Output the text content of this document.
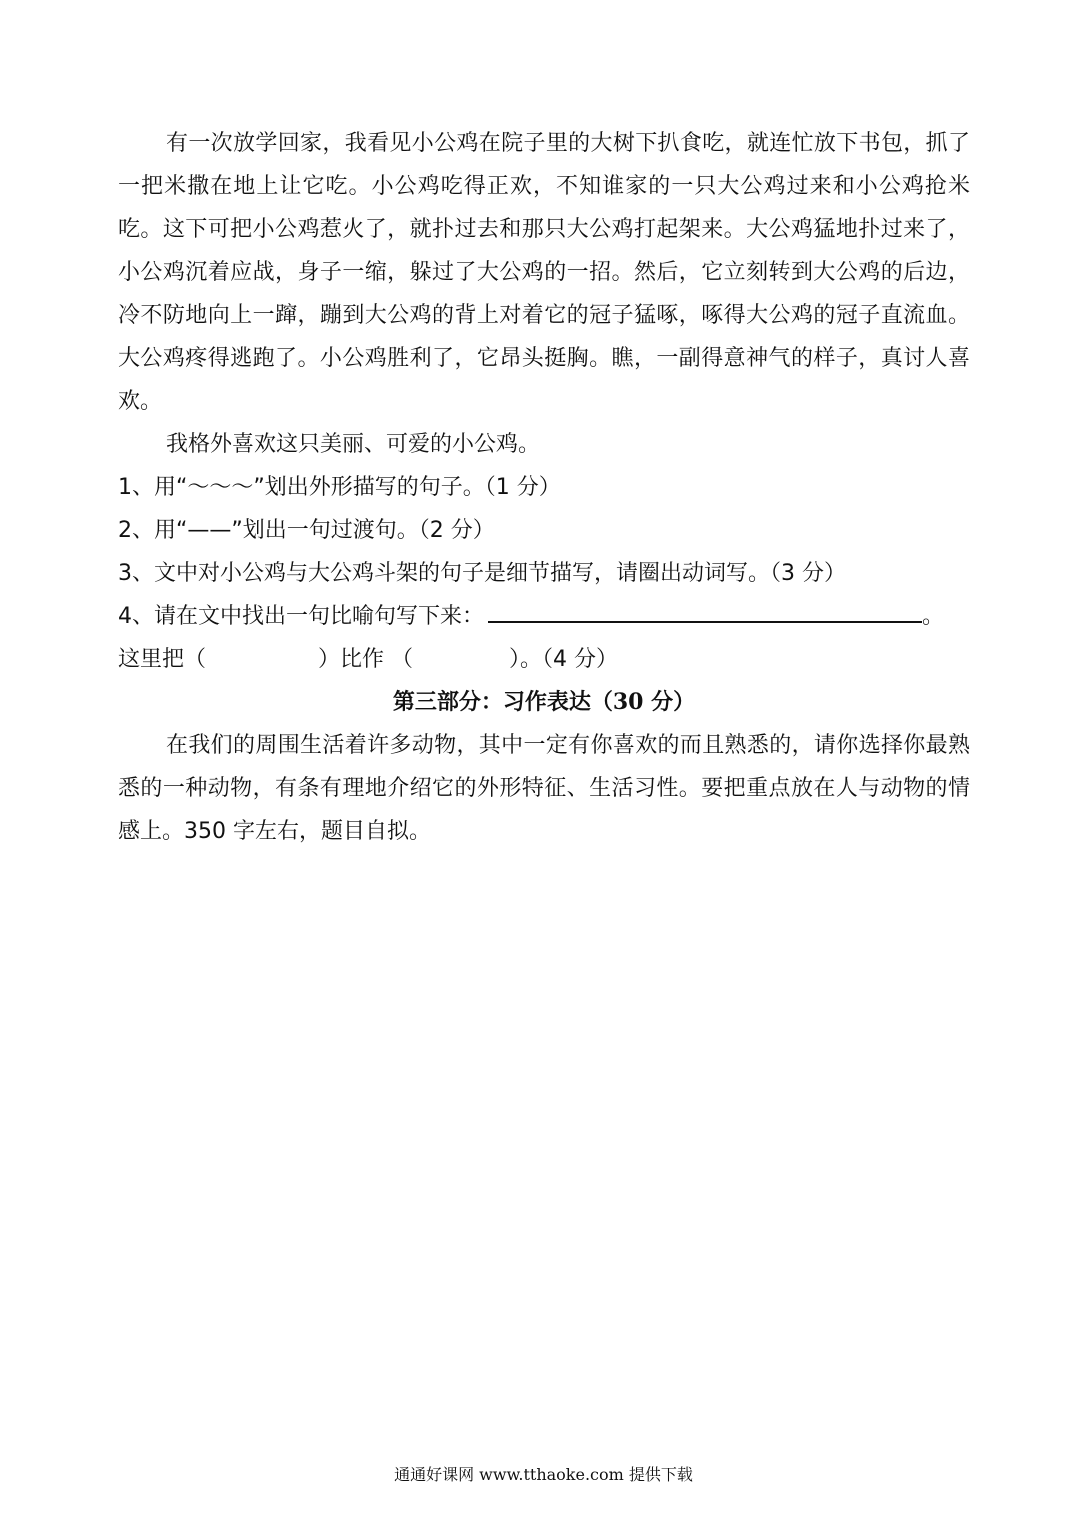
有一次放学回家，我看见小公鸡在院子里的大树下扒食吃，就连忙放下书包，抓了一把米撒在地上让它吃。小公鸡吃得正欢，不知谁家的一只大公鸡过来和小公鸡抢米吃。这下可把小公鸡惹火了，就扑过去和那只大公鸡打起架来。大公鸡猛地扑过来了，小公鸡沉着应战，身子一缩，躲过了大公鸡的一招。然后，它立刻转到大公鸡的后边，冷不防地向上一蹿，蹦到大公鸡的背上对着它的冠子猛啄，啄得大公鸡的冠子直流血。大公鸡疼得逃跑了。小公鸡胜利了，它昂头挺胸。瞧，一副得意神气的样子，真讨人喜欢。

我格外喜欢这只美丽、可爱的小公鸡。

1、用“～～～”划出外形描写的句子。（1 分）

2、用“——”划出一句过渡句。（2 分）

3、文中对小公鸡与大公鸡斗架的句子是细节描写，请圈出动词写。（3 分）

4、请在文中找出一句比喻句写下来：	。

这里把（	）比作 （	）。（4 分）

第三部分：习作表达（30 分）

在我们的周围生活着许多动物，其中一定有你喜欢的而且熟悉的，请你选择你最熟悉的一种动物，有条有理地介绍它的外形特征、生活习性。要把重点放在人与动物的情感上。350 字左右，题目自拟。

通通好课网 www.tthaoke.com 提供下载
